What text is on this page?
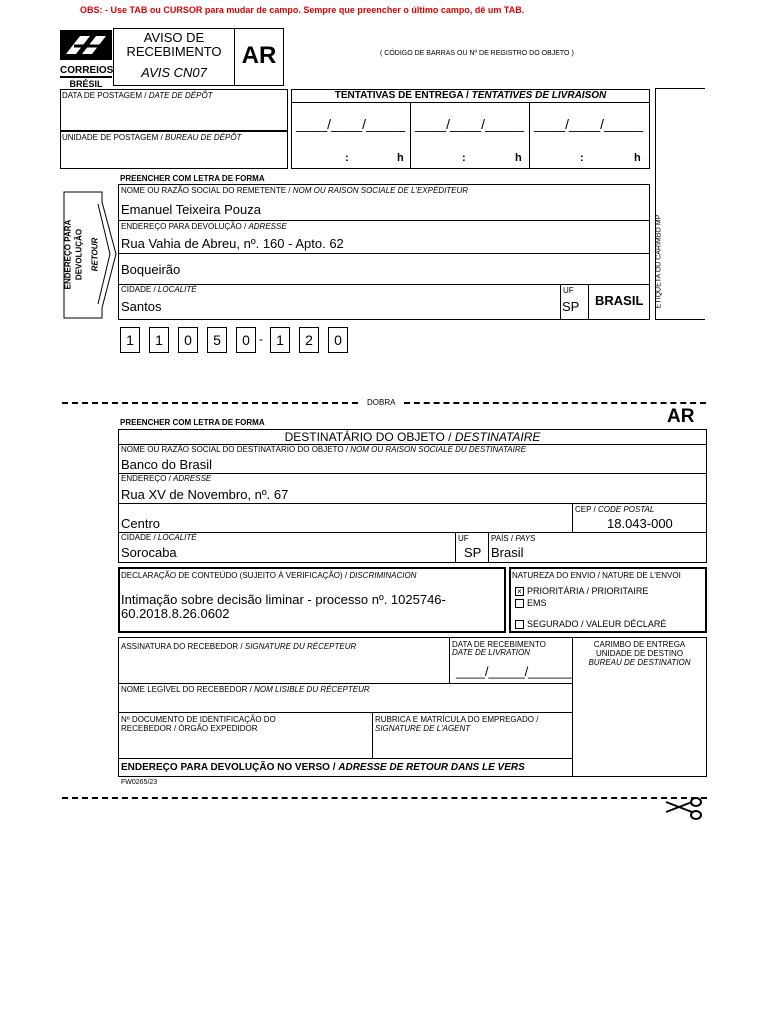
OBS: - Use TAB ou CURSOR para mudar de campo. Sempre que preencher o último campo, dê um TAB.
CORREIOS
BRÉSIL
AVISO DE
RECEBIMENTO
AVIS CN07
AR	( CÓDIGO DE BARRAS OU Nº DE REGISTRO DO OBJETO )
DATA DE POSTAGEM / DATE DE DÉPÔT
UNIDADE DE POSTAGEM / BUREAU DE DÉPÔT
TENTATIVAS DE ENTREGA / TENTATIVES DE LIVRAISON
____/____/_____ ____/____/_____ ____/____/_____
:	h	:	h	:	h
ETIQUETA OU CARIMBO MP
PREENCHER COM LETRA DE FORMA
NOME OU RAZÃO SOCIAL DO REMETENTE / NOM OU RAISON SOCIALE DE L'EXPÉDITEUR
Emanuel Teixeira Pouza
ENDEREÇO PARA DEVOLUÇÃO / ADRESSE
Rua Vahia de Abreu, nº. 160 - Apto. 62
Boqueirão
CIDADE / LOCALITÉ
Santos
UF
SP BRASIL
ENDEREÇO PARA DEVOLUÇÃO RETOUR
1	1	0	5	0 - 1	2	0
DOBRA
PREENCHER COM LETRA DE FORMA	AR
DESTINATÁRIO DO OBJETO / DESTINATAIRE
NOME OU RAZÃO SOCIAL DO DESTINATÁRIO DO OBJETO / NOM OU RAISON SOCIALE DU DESTINATAIRE
Banco do Brasil
ENDEREÇO / ADRESSE
Rua XV de Novembro, nº. 67
Centro
CEP / CODE POSTAL
18.043-000
CIDADE / LOCALITÉ
Sorocaba
UF
SP
PAÍS / PAYS
Brasil
DECLARAÇÃO DE CONTEÚDO (SUJEITO À VERIFICAÇÃO) / DISCRIMINACION
Intimação sobre decisão liminar - processo nº. 1025746-
60.2018.8.26.0602
NATUREZA DO ENVIO / NATURE DE L'ENVOI
× PRIORITÁRIA / PRIORITAIRE
EMS
SEGURADO / VALEUR DÉCLARÉ
ASSINATURA DO RECEBEDOR / SIGNATURE DU RÉCEPTEUR	DATA DE RECEBIMENTO
DATE DE LIVRATION
____/_____/______
CARIMBO DE ENTREGA
UNIDADE DE DESTINO
BUREAU DE DESTINATION
NOME LEGÍVEL DO RECEBEDOR / NOM LISIBLE DU RÉCEPTEUR
Nº DOCUMENTO DE IDENTIFICAÇÃO DO
RECEBEDOR / ÓRGÃO EXPEDIDOR
RUBRICA E MATRÍCULA DO EMPREGADO /
SIGNATURE DE L'AGENT
ENDEREÇO PARA DEVOLUÇÃO NO VERSO / ADRESSE DE RETOUR DANS LE VERS
FW0265/23
